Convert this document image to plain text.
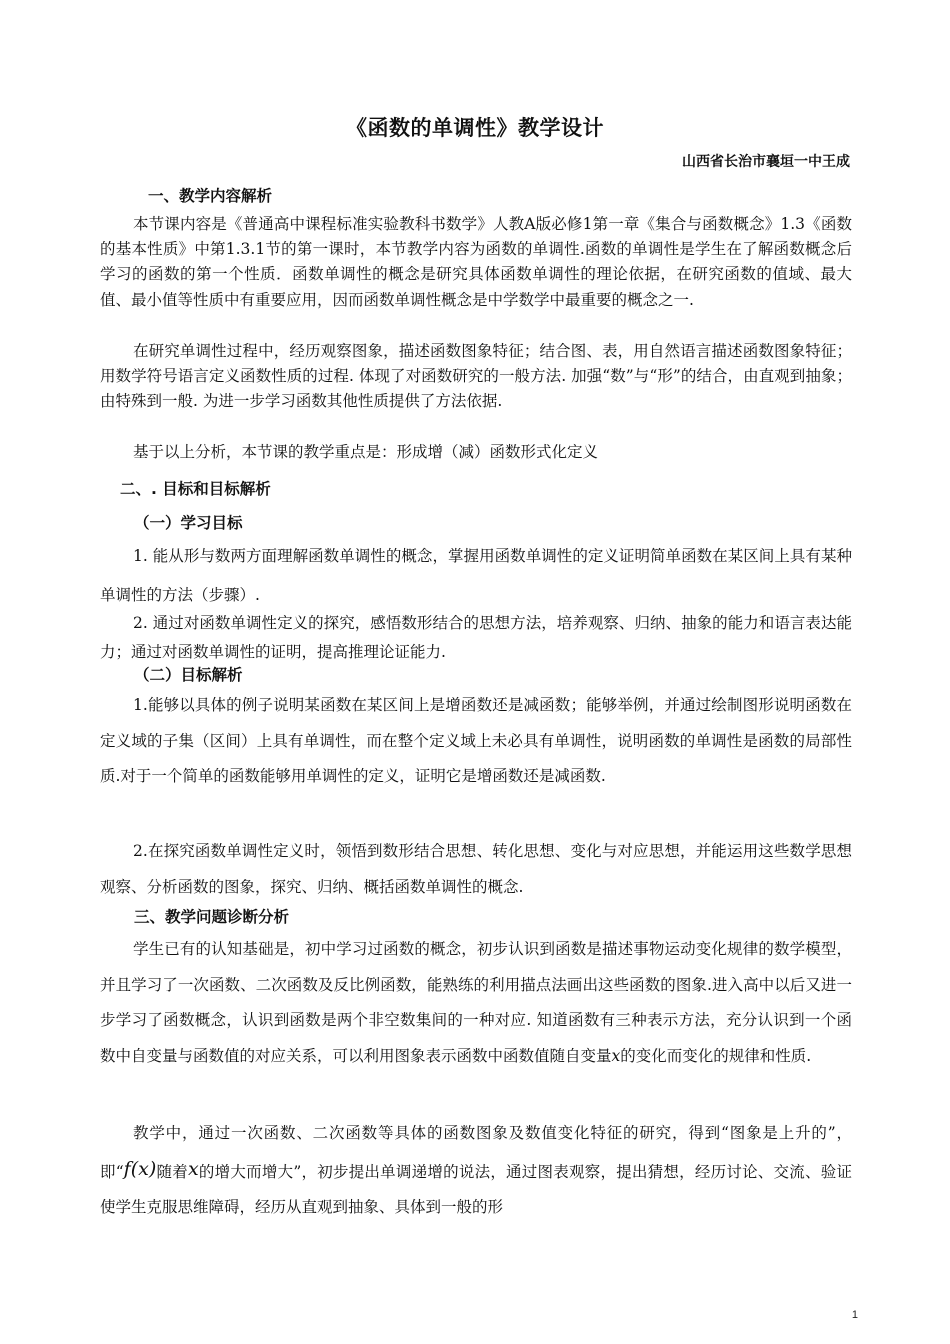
《函数的单调性》教学设计
山西省长治市襄垣一中王成
一、教学内容解析

本节课内容是《普通高中课程标准实验教科书数学》人教A版必修1第一章《集合与函数概念》1.3《函数的基本性质》中第1.3.1节的第一课时，本节教学内容为函数的单调性.函数的单调性是学生在了解函数概念后学习的函数的第一个性质．函数单调性的概念是研究具体函数单调性的理论依据，在研究函数的值域、最大值、最小值等性质中有重要应用，因而函数单调性概念是中学数学中最重要的概念之一.

在研究单调性过程中，经历观察图象，描述函数图象特征；结合图、表，用自然语言描述函数图象特征；用数学符号语言定义函数性质的过程. 体现了对函数研究的一般方法. 加强“数”与“形”的结合，由直观到抽象；由特殊到一般. 为进一步学习函数其他性质提供了方法依据.

基于以上分析，本节课的教学重点是：形成增（减）函数形式化定义

二、. 目标和目标解析
（一）学习目标

1. 能从形与数两方面理解函数单调性的概念，掌握用函数单调性的定义证明简单函数在某区间上具有某种单调性的方法（步骤）.

2. 通过对函数单调性定义的探究，感悟数形结合的思想方法，培养观察、归纳、抽象的能力和语言表达能力；通过对函数单调性的证明，提高推理论证能力.

（二）目标解析

1.能够以具体的例子说明某函数在某区间上是增函数还是减函数；能够举例，并通过绘制图形说明函数在定义域的子集（区间）上具有单调性，而在整个定义域上未必具有单调性，说明函数的单调性是函数的局部性质.对于一个简单的函数能够用单调性的定义，证明它是增函数还是减函数.

2.在探究函数单调性定义时，领悟到数形结合思想、转化思想、变化与对应思想，并能运用这些数学思想观察、分析函数的图象，探究、归纳、概括函数单调性的概念.

三、教学问题诊断分析

学生已有的认知基础是，初中学习过函数的概念，初步认识到函数是描述事物运动变化规律的数学模型，并且学习了一次函数、二次函数及反比例函数，能熟练的利用描点法画出这些函数的图象.进入高中以后又进一步学习了函数概念，认识到函数是两个非空数集间的一种对应. 知道函数有三种表示方法，充分认识到一个函数中自变量与函数值的对应关系，可以利用图象表示函数中函数值随自变量x的变化而变化的规律和性质.

教学中，通过一次函数、二次函数等具体的函数图象及数值变化特征的研究，得到“图象是上升的”，即“f(x)随着x的增大而增大”，初步提出单调递增的说法，通过图表观察，提出猜想，经历讨论、交流、验证使学生克服思维障碍，经历从直观到抽象、具体到一般的形

1
